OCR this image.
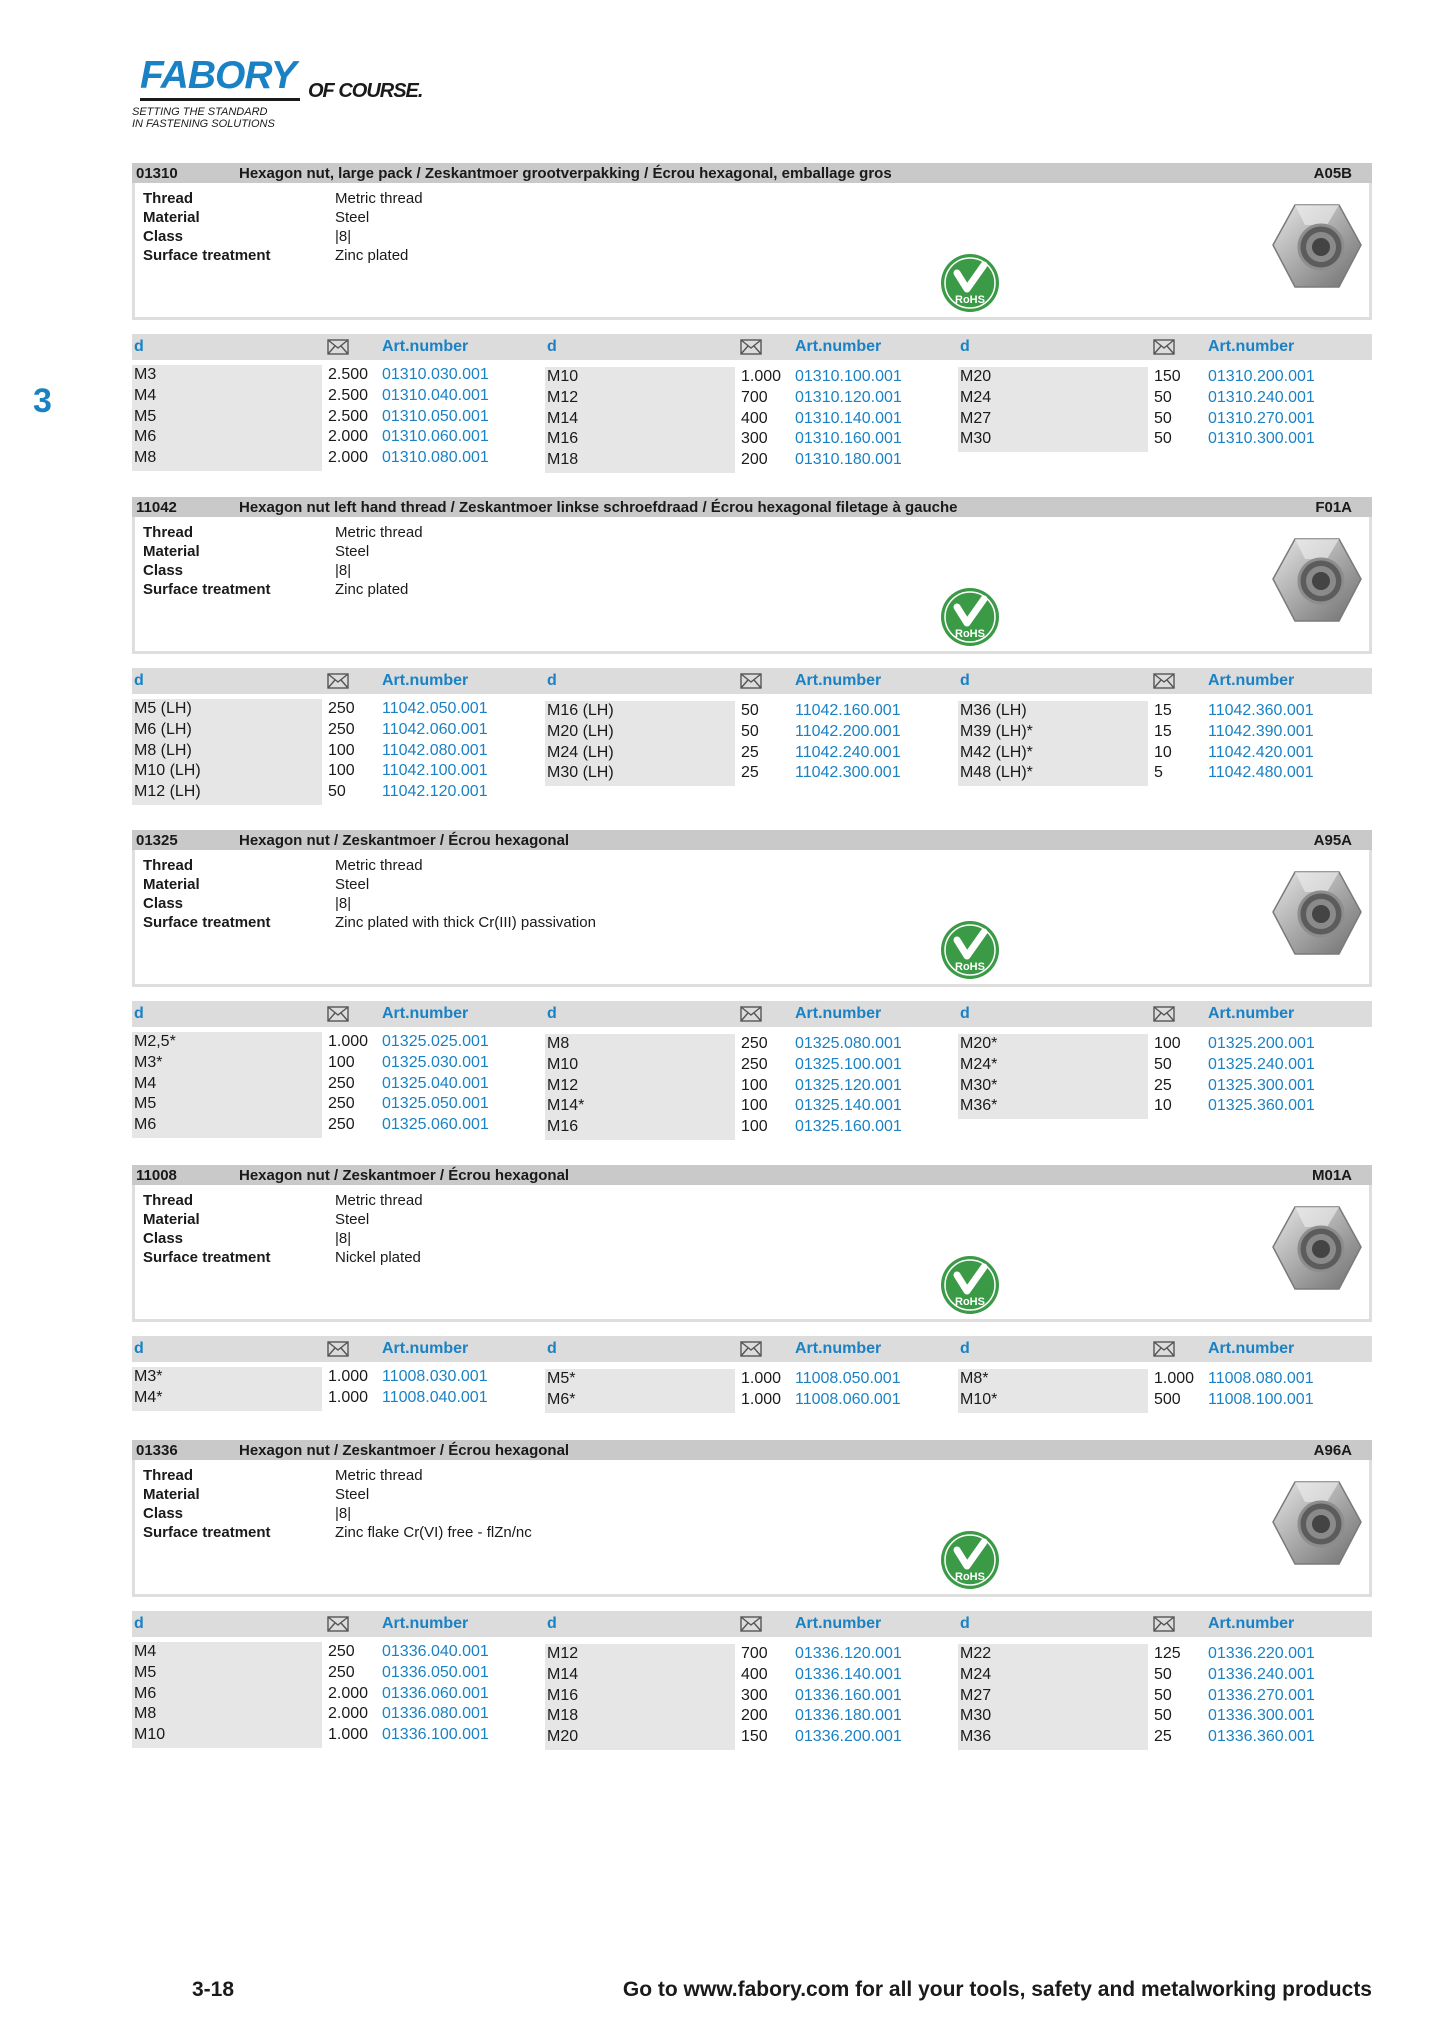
FABORY OF COURSE.
SETTING THE STANDARD
IN FASTENING SOLUTIONS
3
01310	Hexagon nut, large pack / Zeskantmoer grootverpakking / Écrou hexagonal, emballage gros	A05B
Thread	Metric thread
Material	Steel
Class	|8|
Surface treatment	Zinc plated
RoHS
d	Art.number	d	Art.number	d	Art.number
M3	2.500 01310.030.001
M4	2.500 01310.040.001
M5	2.500 01310.050.001
M6	2.000 01310.060.001
M8	2.000 01310.080.001
M10	1.000 01310.100.001
M12	700 01310.120.001
M14	400 01310.140.001
M16	300 01310.160.001
M18	200 01310.180.001
M20	150 01310.200.001
M24	50 01310.240.001
M27	50 01310.270.001
M30	50 01310.300.001
11042	Hexagon nut left hand thread / Zeskantmoer linkse schroefdraad / Écrou hexagonal filetage à gauche	F01A
Thread	Metric thread
Material	Steel
Class	|8|
Surface treatment	Zinc plated
RoHS
d	Art.number	d	Art.number	d	Art.number
M5 (LH)	250 11042.050.001
M6 (LH)	250 11042.060.001
M8 (LH)	100 11042.080.001
M10 (LH)	100 11042.100.001
M12 (LH)	50 11042.120.001
M16 (LH)	50 11042.160.001
M20 (LH)	50 11042.200.001
M24 (LH)	25 11042.240.001
M30 (LH)	25 11042.300.001
M36 (LH)	15 11042.360.001
M39 (LH)*	15 11042.390.001
M42 (LH)*	10 11042.420.001
M48 (LH)*	5	11042.480.001
01325	Hexagon nut / Zeskantmoer / Écrou hexagonal	A95A
Thread	Metric thread
Material	Steel
Class	|8|
Surface treatment	Zinc plated with thick Cr(III) passivation
RoHS
d	Art.number	d	Art.number	d	Art.number
M2,5*	1.000 01325.025.001
M3*	100 01325.030.001
M4	250 01325.040.001
M5	250 01325.050.001
M6	250 01325.060.001
M8	250 01325.080.001
M10	250 01325.100.001
M12	100 01325.120.001
M14*	100 01325.140.001
M16	100 01325.160.001
M20*	100 01325.200.001
M24*	50 01325.240.001
M30*	25 01325.300.001
M36*	10 01325.360.001
11008	Hexagon nut / Zeskantmoer / Écrou hexagonal	M01A
Thread	Metric thread
Material	Steel
Class	|8|
Surface treatment	Nickel plated
RoHS
d	Art.number	d	Art.number	d	Art.number
M3*	1.000 11008.030.001
M4*	1.000 11008.040.001
M5*	1.000 11008.050.001
M6*	1.000 11008.060.001
M8*	1.000 11008.080.001
M10*	500 11008.100.001
01336	Hexagon nut / Zeskantmoer / Écrou hexagonal	A96A
Thread	Metric thread
Material	Steel
Class	|8|
Surface treatment	Zinc flake Cr(VI) free - flZn/nc
RoHS
d	Art.number	d	Art.number	d	Art.number
M4	250 01336.040.001
M5	250 01336.050.001
M6	2.000 01336.060.001
M8	2.000 01336.080.001
M10	1.000 01336.100.001
M12	700 01336.120.001
M14	400 01336.140.001
M16	300 01336.160.001
M18	200 01336.180.001
M20	150 01336.200.001
M22	125 01336.220.001
M24	50 01336.240.001
M27	50 01336.270.001
M30	50 01336.300.001
M36	25 01336.360.001
3-18	Go to www.fabory.com for all your tools, safety and metalworking products
